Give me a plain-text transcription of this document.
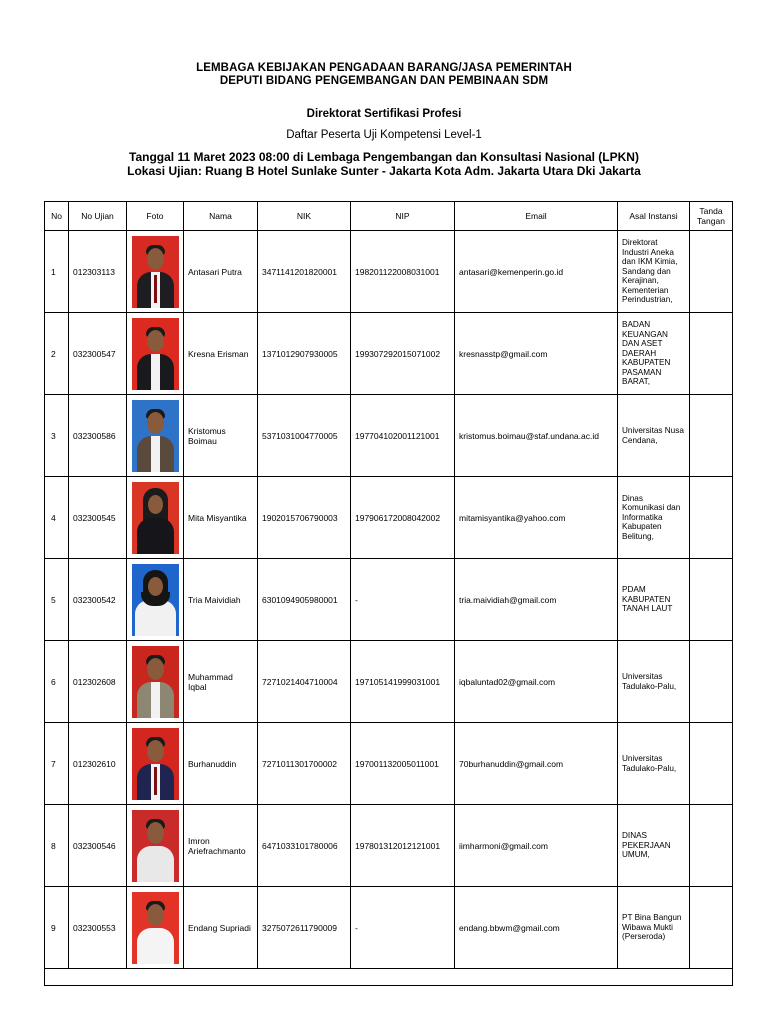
LEMBAGA KEBIJAKAN PENGADAAN BARANG/JASA PEMERINTAH
DEPUTI BIDANG PENGEMBANGAN DAN PEMBINAAN SDM
Direktorat Sertifikasi Profesi
Daftar Peserta Uji Kompetensi Level-1
Tanggal 11 Maret 2023 08:00 di Lembaga Pengembangan dan Konsultasi Nasional (LPKN)
Lokasi Ujian: Ruang B Hotel Sunlake Sunter - Jakarta Kota Adm. Jakarta Utara Dki Jakarta
No	No Ujian	Foto	Nama	NIK	NIP	Email	Asal Instansi	Tanda
Tangan

1	012303113		Antasari Putra	3471141201820001	198201122008031001	antasari@kemenperin.go.id	Direktorat Industri Aneka dan IKM Kimia, Sandang dan Kerajinan, Kementerian Perindustrian,	
2	032300547		Kresna Erisman	1371012907930005	199307292015071002	kresnasstp@gmail.com	BADAN KEUANGAN DAN ASET DAERAH KABUPATEN PASAMAN BARAT,	
3	032300586		Kristomus Boimau	5371031004770005	197704102001121001	kristomus.boimau@staf.undana.ac.id	Universitas Nusa Cendana,	
4	032300545		Mita Misyantika	1902015706790003	197906172008042002	mitamisyantika@yahoo.com	Dinas Komunikasi dan Informatika Kabupaten Belitung,	
5	032300542		Tria Maividiah	6301094905980001	-	tria.maividiah@gmail.com	PDAM KABUPATEN TANAH LAUT	
6	012302608		Muhammad Iqbal	7271021404710004	197105141999031001	iqbaluntad02@gmail.com	Universitas Tadulako-Palu,	
7	012302610		Burhanuddin	7271011301700002	197001132005011001	70burhanuddin@gmail.com	Universitas Tadulako-Palu,	
8	032300546		Imron Ariefrachmanto	6471033101780006	197801312012121001	iimharmoni@gmail.com	DINAS PEKERJAAN UMUM,	
9	032300553		Endang Supriadi	3275072611790009	-	endang.bbwm@gmail.com	PT Bina Bangun Wibawa Mukti (Perseroda)	
